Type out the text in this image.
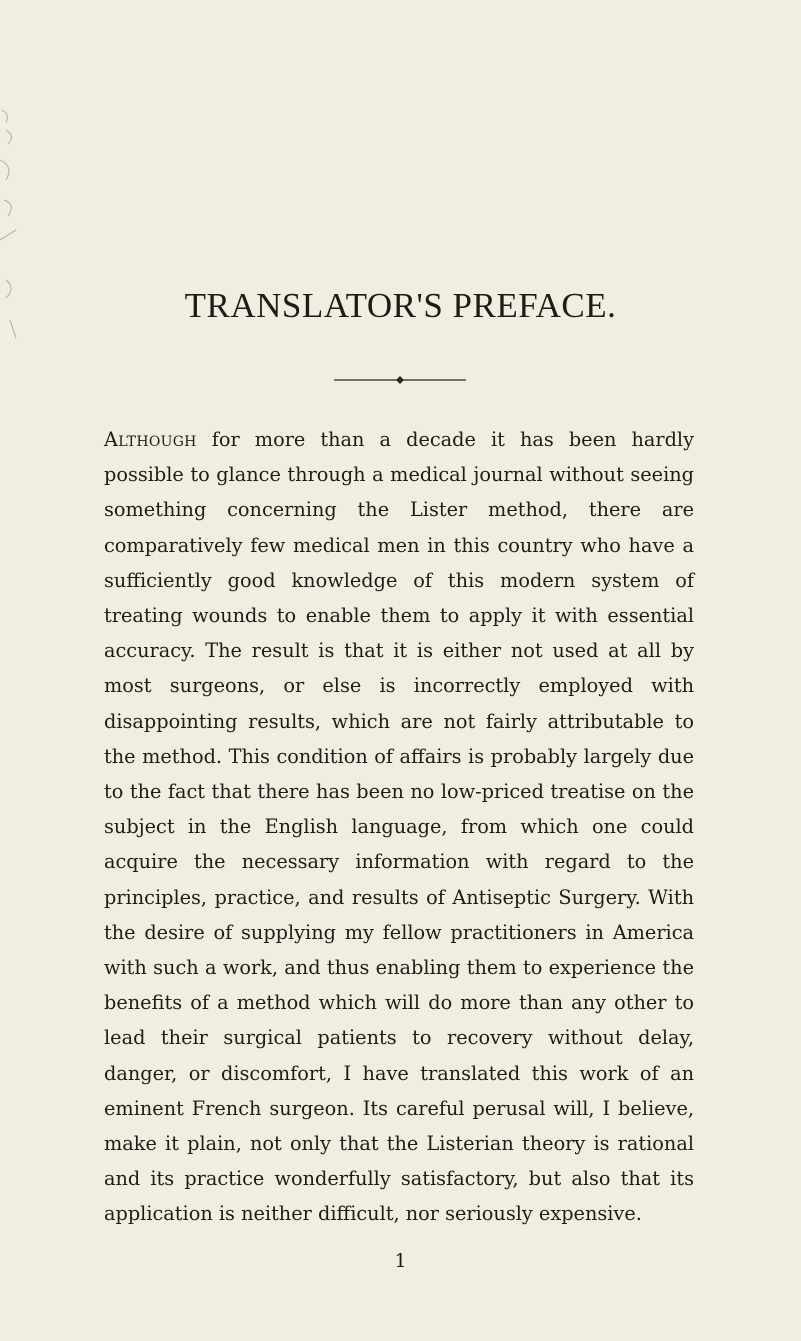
TRANSLATOR'S PREFACE.

Although for more than a decade it has been hardly possible to glance through a medical journal without seeing something concerning the Lister method, there are comparatively few medical men in this country who have a sufficiently good knowledge of this modern system of treating wounds to enable them to apply it with essential accuracy. The result is that it is either not used at all by most surgeons, or else is incorrectly employed with disappointing results, which are not fairly attributable to the method. This condition of affairs is probably largely due to the fact that there has been no low-priced treatise on the subject in the English language, from which one could acquire the necessary information with regard to the principles, practice, and results of Antiseptic Surgery. With the desire of supplying my fellow practitioners in America with such a work, and thus enabling them to experience the benefits of a method which will do more than any other to lead their surgical patients to recovery without delay, danger, or discomfort, I have translated this work of an eminent French surgeon. Its careful perusal will, I believe, make it plain, not only that the Listerian theory is rational and its practice wonderfully satisfactory, but also that its application is neither difficult, nor seriously expensive.

1
